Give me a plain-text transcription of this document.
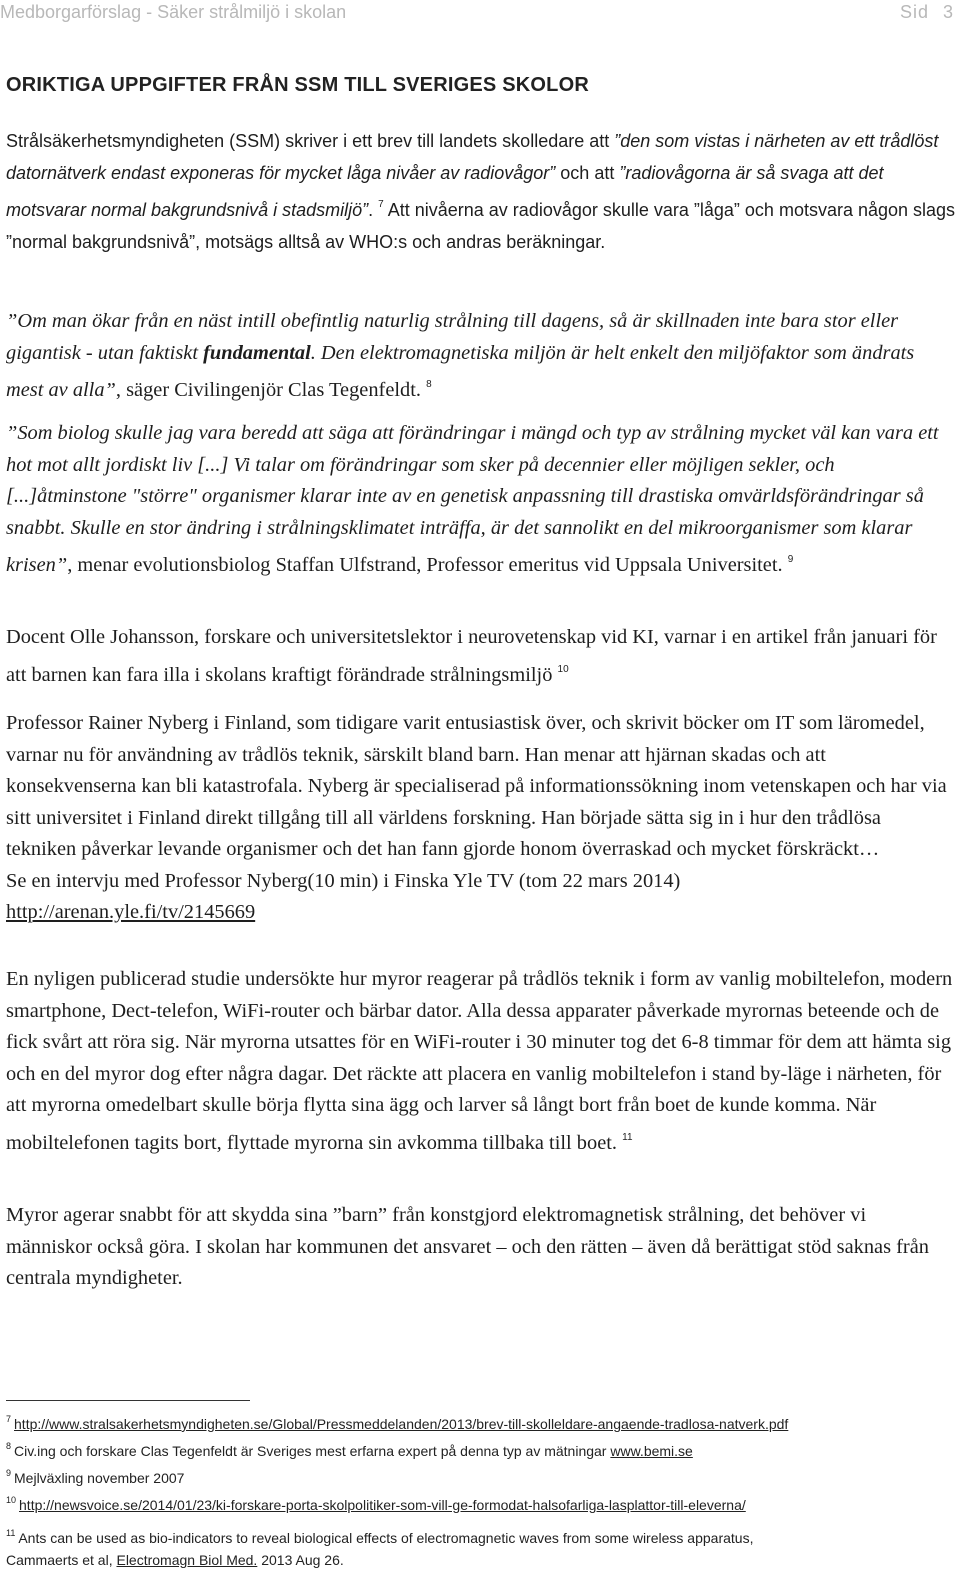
Medborgarförslag - Säker strålmiljö i skolan	Sid 3
ORIKTIGA UPPGIFTER FRÅN SSM TILL SVERIGES SKOLOR

Strålsäkerhetsmyndigheten (SSM) skriver i ett brev till landets skolledare att ”den som vistas i närheten av ett trådlöst datornätverk endast exponeras för mycket låga nivåer av radiovågor” och att ”radiovågorna är så svaga att det motsvarar normal bakgrundsnivå i stadsmiljö”. $^7$ Att nivåerna av radiovågor skulle vara ”låga” och motsvara någon slags ”normal bakgrundsnivå”, motsägs alltså av WHO:s och andras beräkningar.

”Om man ökar från en näst intill obefintlig naturlig strålning till dagens, så är skillnaden inte bara stor eller gigantisk - utan faktiskt fundamental. Den elektromagnetiska miljön är helt enkelt den miljöfaktor som ändrats mest av alla”, säger Civilingenjör Clas Tegenfeldt. $^8$

”Som biolog skulle jag vara beredd att säga att förändringar i mängd och typ av strålning mycket väl kan vara ett hot mot allt jordiskt liv [...] Vi talar om förändringar som sker på decennier eller möjligen sekler, och [...]åtminstone "större" organismer klarar inte av en genetisk anpassning till drastiska omvärldsförändringar så snabbt. Skulle en stor ändring i strålningsklimatet inträffa, är det sannolikt en del mikroorganismer som klarar krisen”, menar evolutionsbiolog Staffan Ulfstrand, Professor emeritus vid Uppsala Universitet. $^9$

Docent Olle Johansson, forskare och universitetslektor i neurovetenskap vid KI, varnar i en artikel från januari för att barnen kan fara illa i skolans kraftigt förändrade strålningsmiljö $^{10}$

Professor Rainer Nyberg i Finland, som tidigare varit entusiastisk över, och skrivit böcker om IT som läromedel, varnar nu för användning av trådlös teknik, särskilt bland barn. Han menar att hjärnan skadas och att konsekvenserna kan bli katastrofala. Nyberg är specialiserad på informationssökning inom vetenskapen och har via sitt universitet i Finland direkt tillgång till all världens forskning. Han började sätta sig in i hur den trådlösa tekniken påverkar levande organismer och det han fann gjorde honom överraskad och mycket förskräckt…

Se en intervju med Professor Nyberg(10 min) i Finska Yle TV (tom 22 mars 2014)

http://arenan.yle.fi/tv/2145669

En nyligen publicerad studie undersökte hur myror reagerar på trådlös teknik i form av vanlig mobiltelefon, modern smartphone, Dect-telefon, WiFi-router och bärbar dator. Alla dessa apparater påverkade myrornas beteende och de fick svårt att röra sig. När myrorna utsattes för en WiFi-router i 30 minuter tog det 6-8 timmar för dem att hämta sig och en del myror dog efter några dagar. Det räckte att placera en vanlig mobiltelefon i stand by-läge i närheten, för att myrorna omedelbart skulle börja flytta sina ägg och larver så långt bort från boet de kunde komma. När mobiltelefonen tagits bort, flyttade myrorna sin avkomma tillbaka till boet. $^{11}$

Myror agerar snabbt för att skydda sina ”barn” från konstgjord elektromagnetisk strålning, det behöver vi människor också göra. I skolan har kommunen det ansvaret – och den rätten – även då berättigat stöd saknas från centrala myndigheter.

$^7$ http://www.stralsakerhetsmyndigheten.se/Global/Pressmeddelanden/2013/brev-till-skolleldare-angaende-tradlosa-natverk.pdf

$^8$ Civ.ing och forskare Clas Tegenfeldt är Sveriges mest erfarna expert på denna typ av mätningar www.bemi.se

$^9$ Mejlväxling november 2007

$^{10}$ http://newsvoice.se/2014/01/23/ki-forskare-porta-skolpolitiker-som-vill-ge-formodat-halsofarliga-lasplattor-till-eleverna/

$^{11}$ Ants can be used as bio-indicators to reveal biological effects of electromagnetic waves from some wireless apparatus,

Cammaerts et al, Electromagn Biol Med. 2013 Aug 26.
